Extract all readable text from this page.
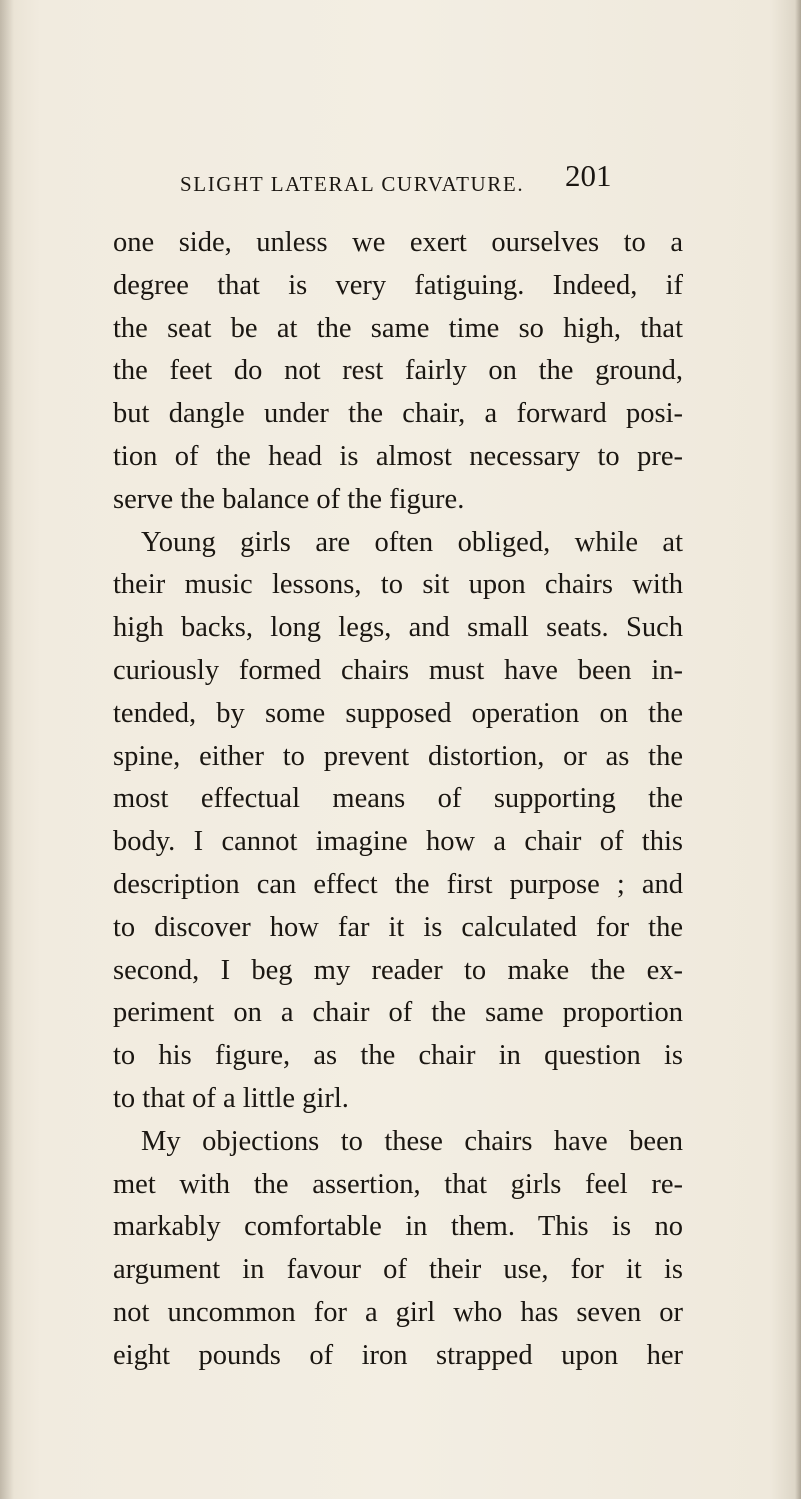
SLIGHT LATERAL CURVATURE. 201
one side, unless we exert ourselves to a
degree that is very fatiguing. Indeed, if
the seat be at the same time so high, that
the feet do not rest fairly on the ground,
but dangle under the chair, a forward posi-
tion of the head is almost necessary to pre-
serve the balance of the figure.
Young girls are often obliged, while at
their music lessons, to sit upon chairs with
high backs, long legs, and small seats. Such
curiously formed chairs must have been in-
tended, by some supposed operation on the
spine, either to prevent distortion, or as the
most effectual means of supporting the
body. I cannot imagine how a chair of this
description can effect the first purpose ; and
to discover how far it is calculated for the
second, I beg my reader to make the ex-
periment on a chair of the same proportion
to his figure, as the chair in question is
to that of a little girl.
My objections to these chairs have been
met with the assertion, that girls feel re-
markably comfortable in them. This is no
argument in favour of their use, for it is
not uncommon for a girl who has seven or
eight pounds of iron strapped upon her
